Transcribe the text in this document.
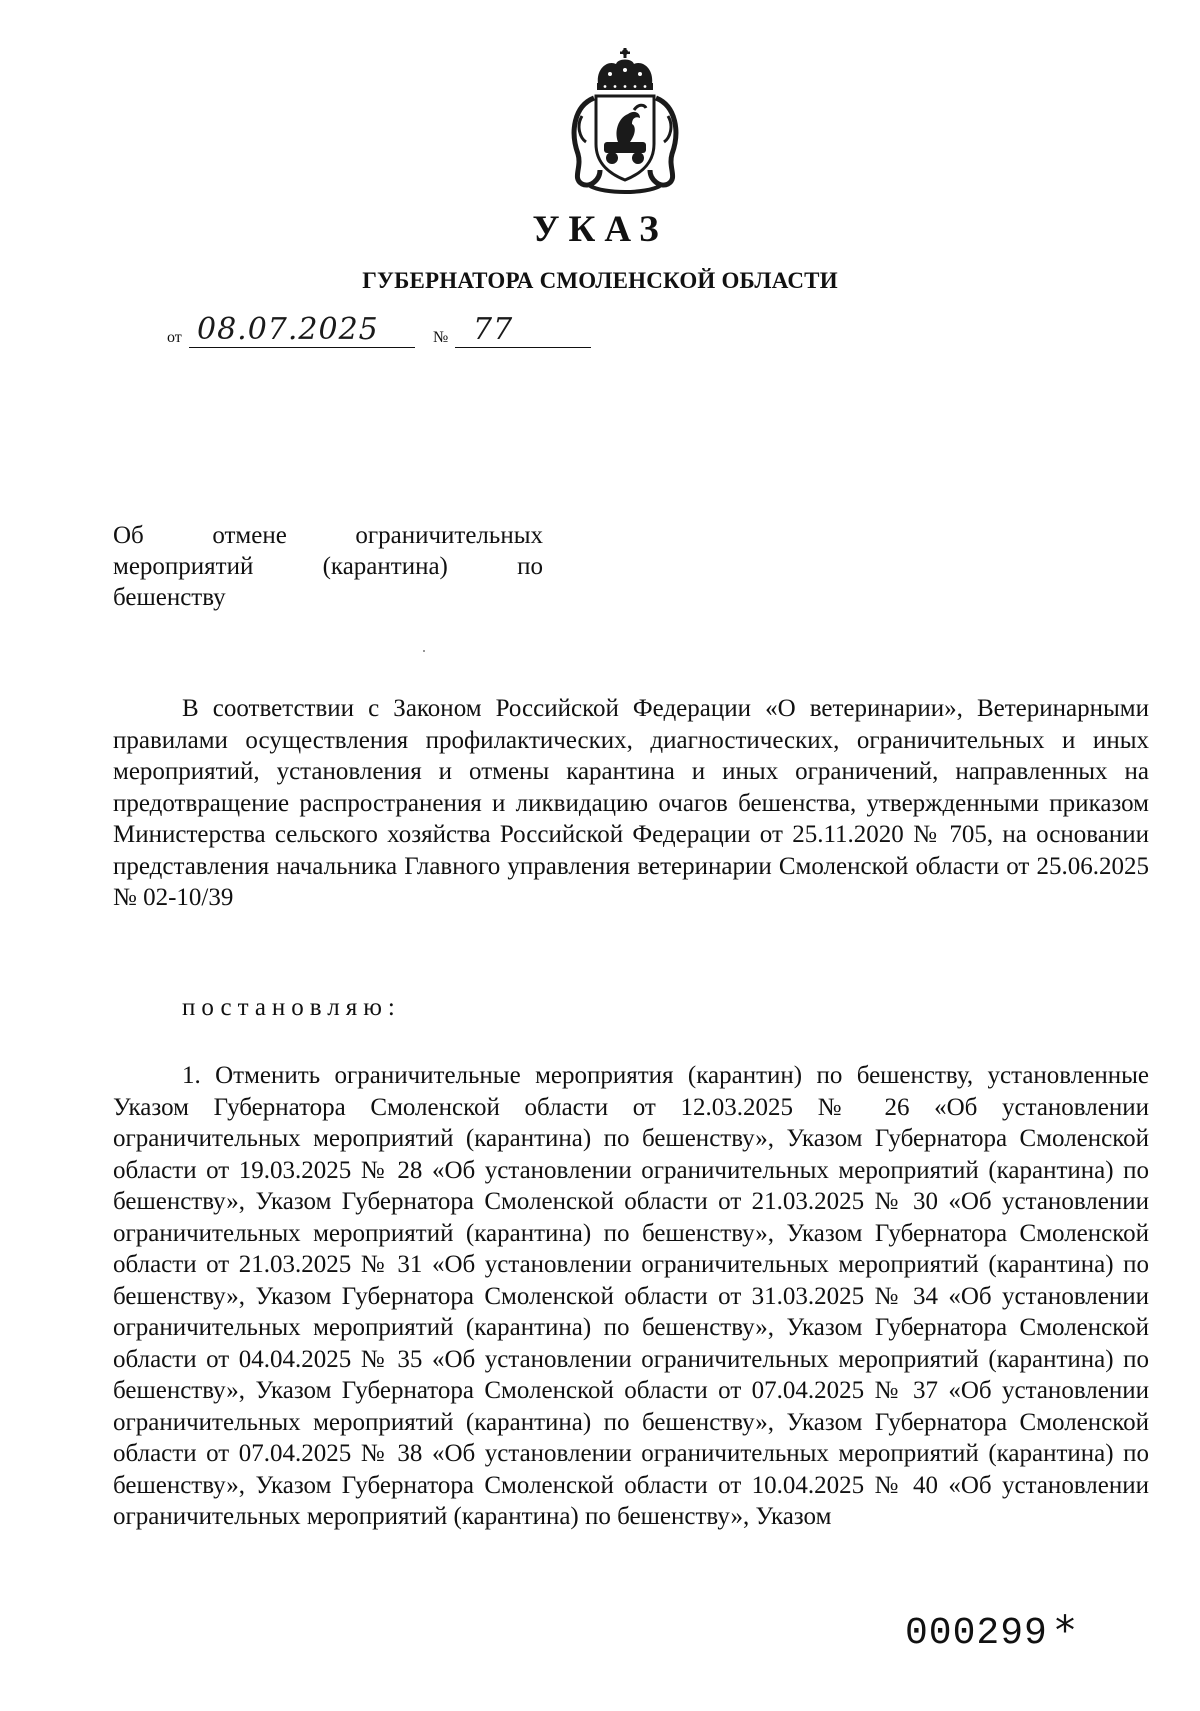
УКАЗ
ГУБЕРНАТОРА СМОЛЕНСКОЙ ОБЛАСТИ
от 08.07.2025	№ 77
Об отмене ограничительных
мероприятий (карантина) по
бешенству
В соответствии с Законом Российской Федерации «О ветеринарии», Ветеринарными правилами осуществления профилактических, диагностических, ограничительных и иных мероприятий, установления и отмены карантина и иных ограничений, направленных на предотвращение распространения и ликвидацию очагов бешенства, утвержденными приказом Министерства сельского хозяйства Российской Федерации от 25.11.2020 № 705, на основании представления начальника Главного управления ветеринарии Смоленской области от 25.06.2025 № 02-10/39
постановляю:
1. Отменить ограничительные мероприятия (карантин) по бешенству, установленные Указом Губернатора Смоленской области от 12.03.2025 № 26 «Об установлении ограничительных мероприятий (карантина) по бешенству», Указом Губернатора Смоленской области от 19.03.2025 № 28 «Об установлении ограничительных мероприятий (карантина) по бешенству», Указом Губернатора Смоленской области от 21.03.2025 № 30 «Об установлении ограничительных мероприятий (карантина) по бешенству», Указом Губернатора Смоленской области от 21.03.2025 № 31 «Об установлении ограничительных мероприятий (карантина) по бешенству», Указом Губернатора Смоленской области от 31.03.2025 № 34 «Об установлении ограничительных мероприятий (карантина) по бешенству», Указом Губернатора Смоленской области от 04.04.2025 № 35 «Об установлении ограничительных мероприятий (карантина) по бешенству», Указом Губернатора Смоленской области от 07.04.2025 № 37 «Об установлении ограничительных мероприятий (карантина) по бешенству», Указом Губернатора Смоленской области от 07.04.2025 № 38 «Об установлении ограничительных мероприятий (карантина) по бешенству», Указом Губернатора Смоленской области от 10.04.2025 № 40 «Об установлении ограничительных мероприятий (карантина) по бешенству», Указом
000299 *
